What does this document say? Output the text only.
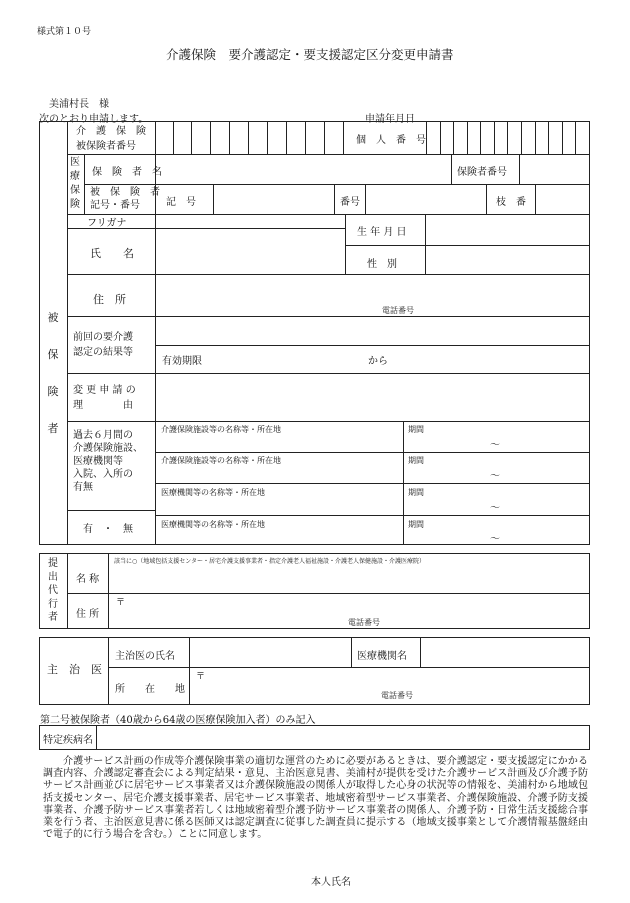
様式第１０号
介護保険　要介護認定・要支援認定区分変更申請書
美浦村長　様
次のとおり申請します。	申請年月日

被
保
険
者

介　護　保　険
被保険者番号
個　人　番　号
医
療
保
険
保　険　者　名	保険者番号
被　保　険　者
記号・番号	記　号	番号	枝　番
フリガナ
氏　　名
生 年 月 日
性　別
住　所
電話番号
前回の要介護
認定の結果等
有効期限	から
変 更 申 請 の
理　　　　由
過去６月間の
介護保険施設、
医療機関等
入院、入所の
有無
有　・　無
介護保険施設等の名称等・所在地	期間
～
介護保険施設等の名称等・所在地	期間
～
医療機関等の名称等・所在地	期間
～
医療機関等の名称等・所在地	期間
～
提
出
代
行
者
名 称
該当に○（地域包括支援センター・居宅介護支援事業者・指定介護老人福祉施設・介護老人保健施設・介護医療院）
住 所
〒
電話番号
主　治　医
主治医の氏名	医療機関名
所　　在　　地
〒
電話番号
第二号被保険者（40歳から64歳の医療保険加入者）のみ記入
特定疾病名
介護サービス計画の作成等介護保険事業の適切な運営のために必要があるときは、要介護認定・要支援認定にかかる調査内容、介護認定審査会による判定結果・意見、主治医意見書、美浦村が提供を受けた介護サービス計画及び介護予防サービス計画並びに居宅サービス事業者又は介護保険施設の関係人が取得した心身の状況等の情報を、美浦村から地域包括支援センター、居宅介護支援事業者、居宅サービス事業者、地域密着型サービス事業者、介護保険施設、介護予防支援事業者、介護予防サービス事業者若しくは地域密着型介護予防サービス事業者の関係人、介護予防・日常生活支援総合事業を行う者、主治医意見書に係る医師又は認定調査に従事した調査員に提示する（地域支援事業として介護情報基盤経由で電子的に行う場合を含む。）ことに同意します。
本人氏名
